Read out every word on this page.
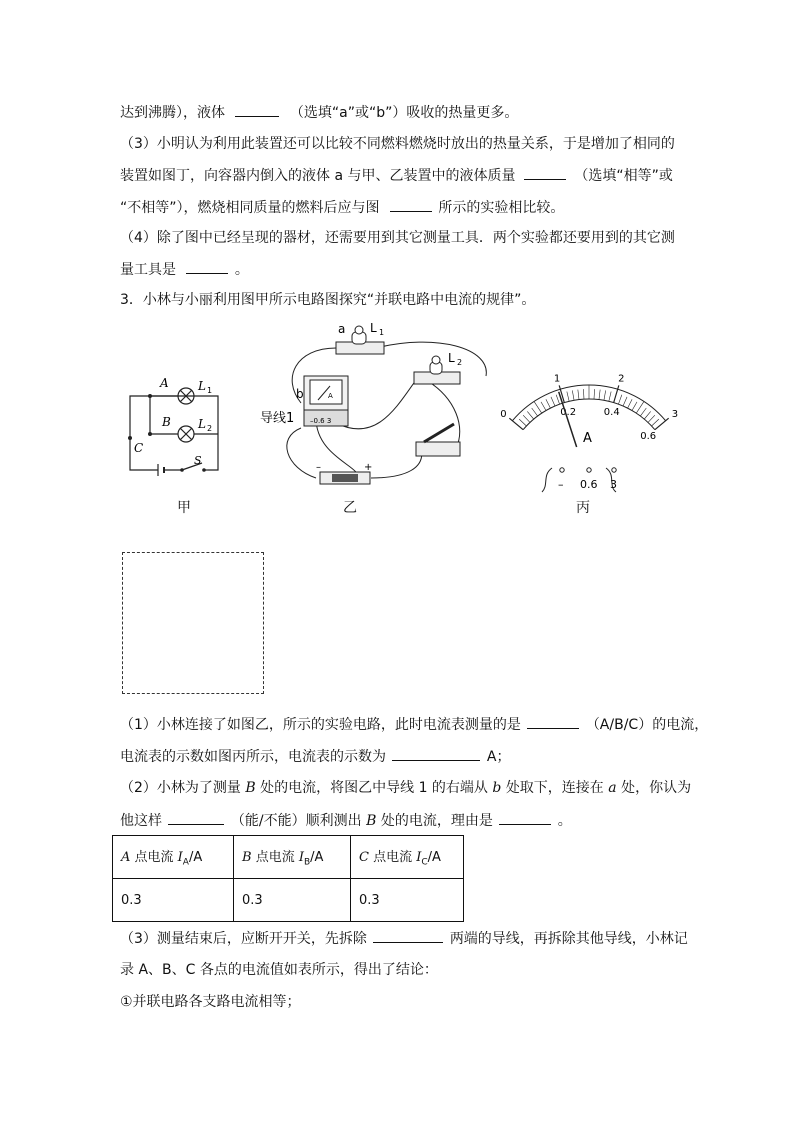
达到沸腾），液体	（选填“a”或“b”）吸收的热量更多。
（3）小明认为利用此装置还可以比较不同燃料燃烧时放出的热量关系，于是增加了相同的
装置如图丁，向容器内倒入的液体 a 与甲、乙装置中的液体质量	（选填“相等”或
“不相等”），燃烧相同质量的燃料后应与图	所示的实验相比较。
（4）除了图中已经呈现的器材，还需要用到其它测量工具．两个实验都还要用到的其它测
量工具是	。
3．小林与小丽利用图甲所示电路图探究“并联电路中电流的规律”。
A L 1
B L 2
C
S
甲
a L 1
L 2
A
–0.6 3
b
导线1
–	+
乙
0
1	2
3
0.2	0.4
0.6
A
– 0.6 3
丙
（1）小林连接了如图乙，所示的实验电路，此时电流表测量的是	（A/B/C）的电流，
电流表的示数如图丙所示，电流表的示数为	A；
（2）小林为了测量 B 处的电流，将图乙中导线 1 的右端从 b 处取下，连接在 a 处，你认为
他这样	（能/不能）顺利测出 B 处的电流，理由是	。
A 点电流 $I_A/A$	B 点电流 $I_B/A$	C 点电流 $I_C/A$
0.3	0.3	0.3
（3）测量结束后，应断开开关，先拆除	两端的导线，再拆除其他导线，小林记
录 A、B、C 各点的电流值如表所示，得出了结论：
①并联电路各支路电流相等；
